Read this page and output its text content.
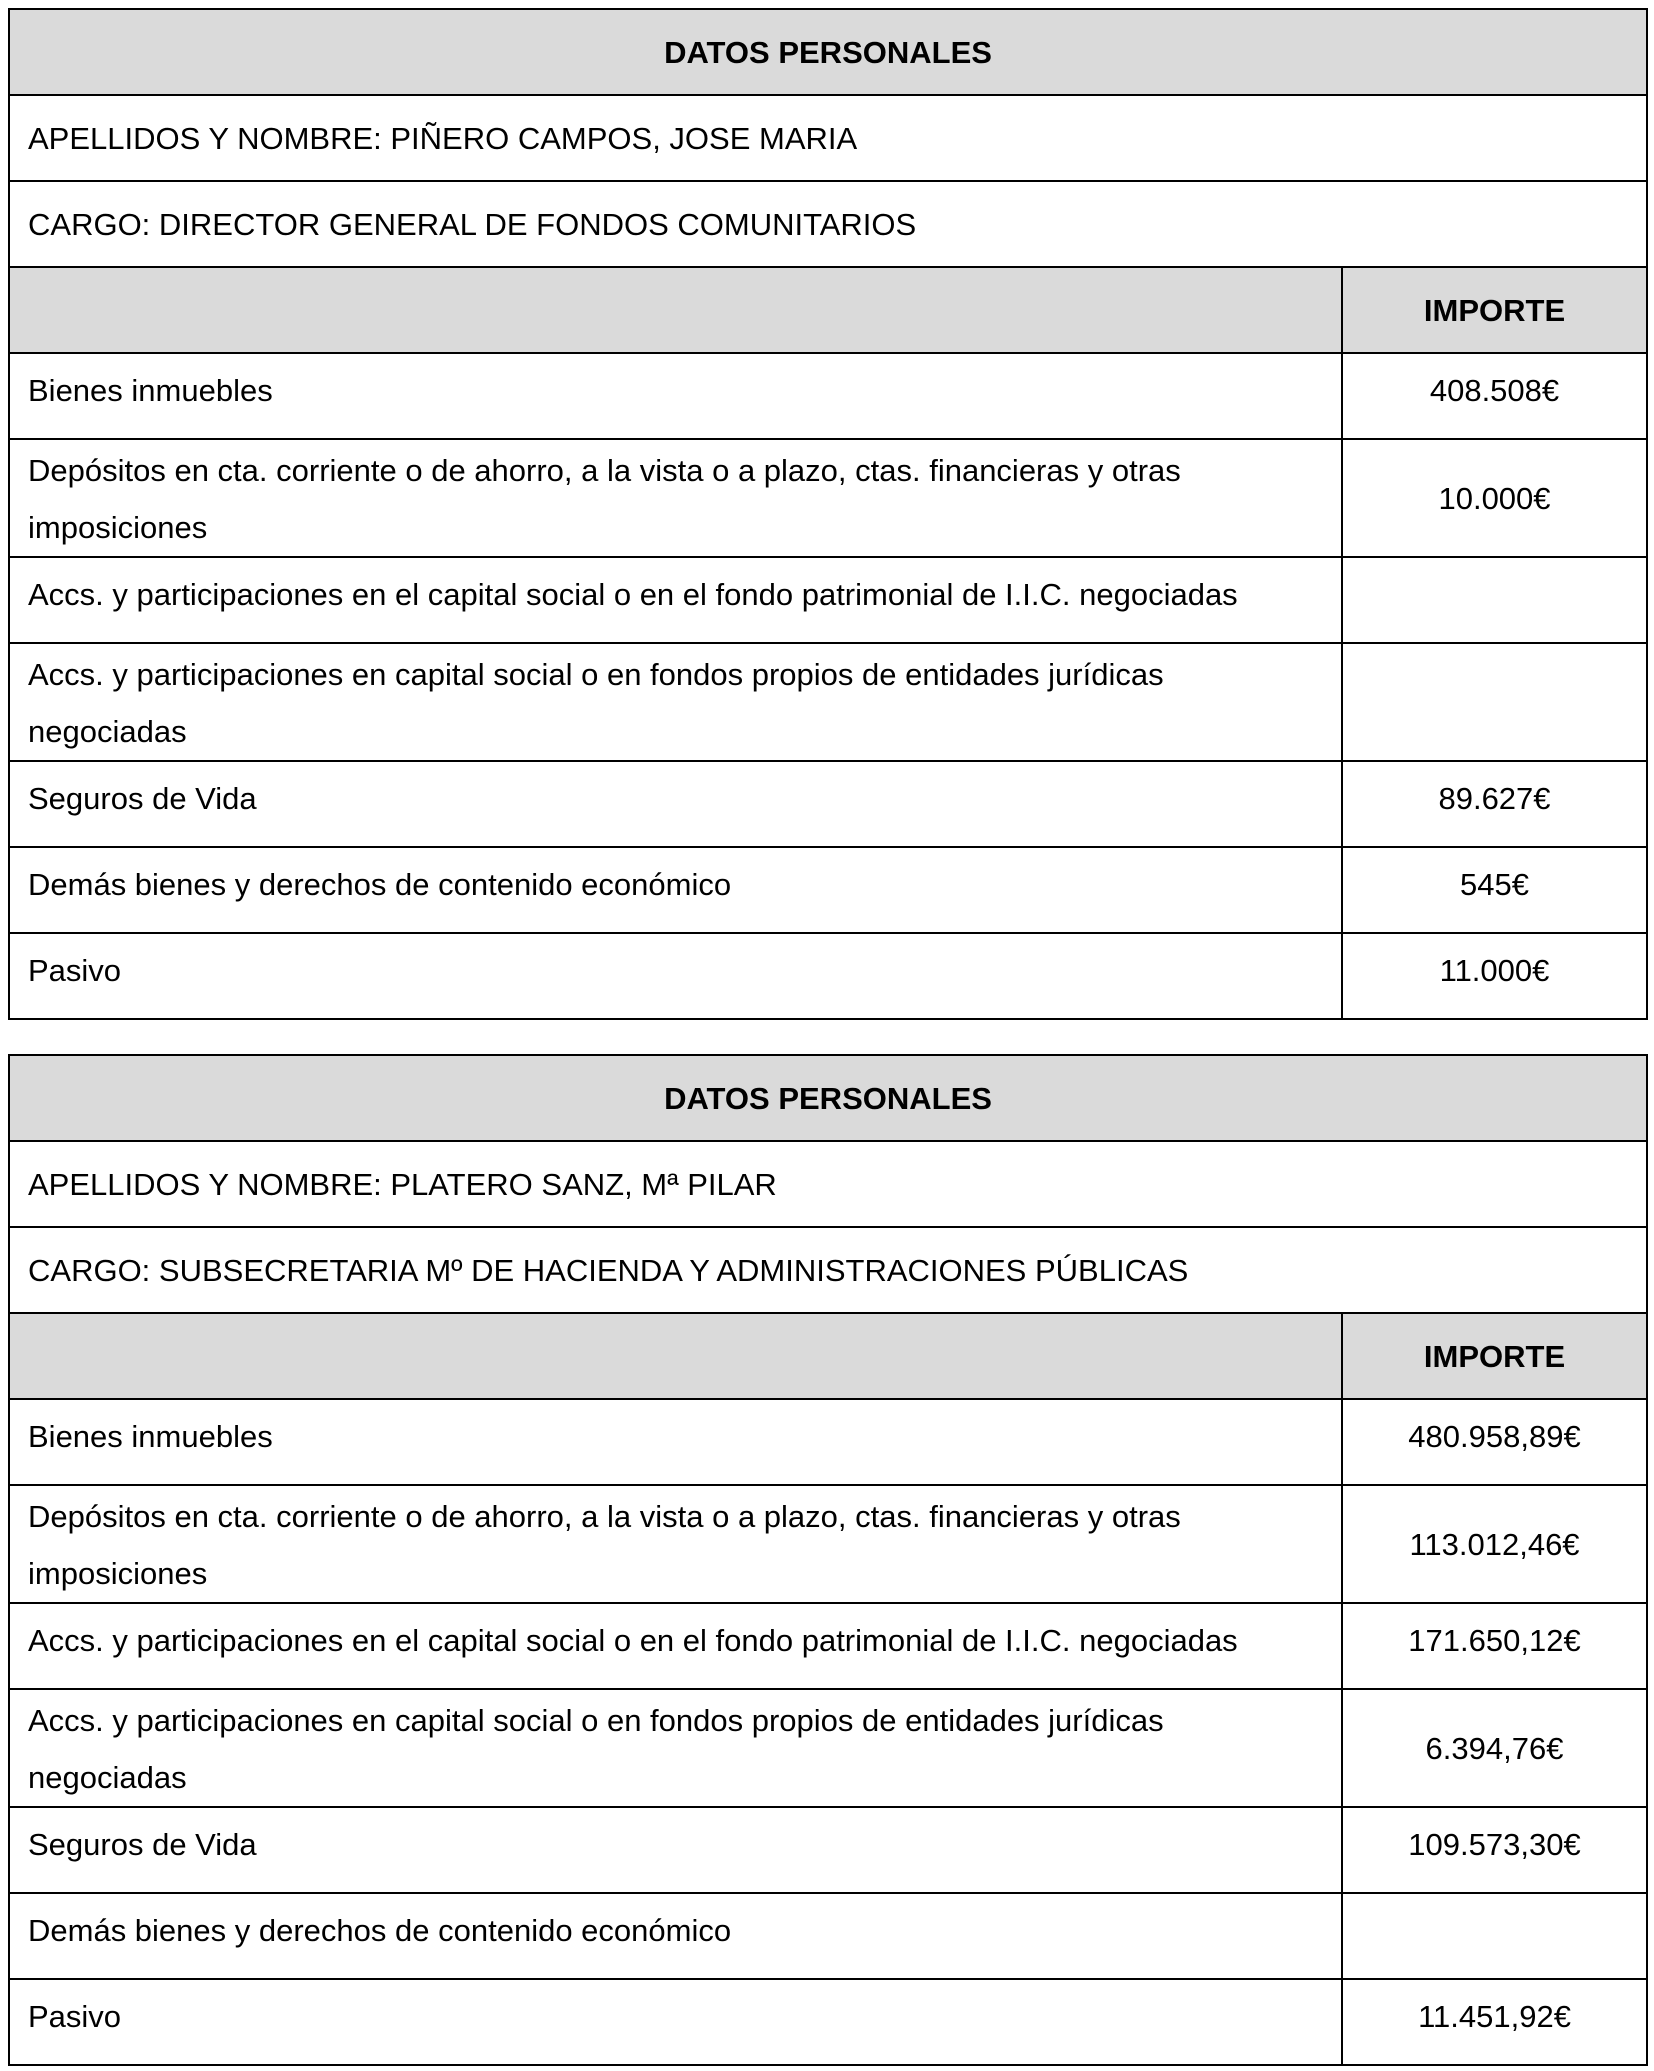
DATOS PERSONALES	
APELLIDOS Y NOMBRE: PIÑERO CAMPOS, JOSE MARIA	
CARGO: DIRECTOR GENERAL DE FONDOS COMUNITARIOS	
	IMPORTE
Bienes inmuebles	408.508€
Depósitos en cta. corriente o de ahorro, a la vista o a plazo, ctas. financieras y otras imposiciones	10.000€
Accs. y participaciones en el capital social o en el fondo patrimonial de I.I.C. negociadas	
Accs. y participaciones en capital social o en fondos propios de entidades jurídicas negociadas	
Seguros de Vida	89.627€
Demás bienes y derechos de contenido económico	545€
Pasivo	11.000€
DATOS PERSONALES	
APELLIDOS Y NOMBRE: PLATERO SANZ, Mª PILAR	
CARGO: SUBSECRETARIA Mº DE HACIENDA Y ADMINISTRACIONES PÚBLICAS	
	IMPORTE
Bienes inmuebles	480.958,89€
Depósitos en cta. corriente o de ahorro, a la vista o a plazo, ctas. financieras y otras imposiciones	113.012,46€
Accs. y participaciones en el capital social o en el fondo patrimonial de I.I.C. negociadas	171.650,12€
Accs. y participaciones en capital social o en fondos propios de entidades jurídicas negociadas	6.394,76€
Seguros de Vida	109.573,30€
Demás bienes y derechos de contenido económico	
Pasivo	11.451,92€
